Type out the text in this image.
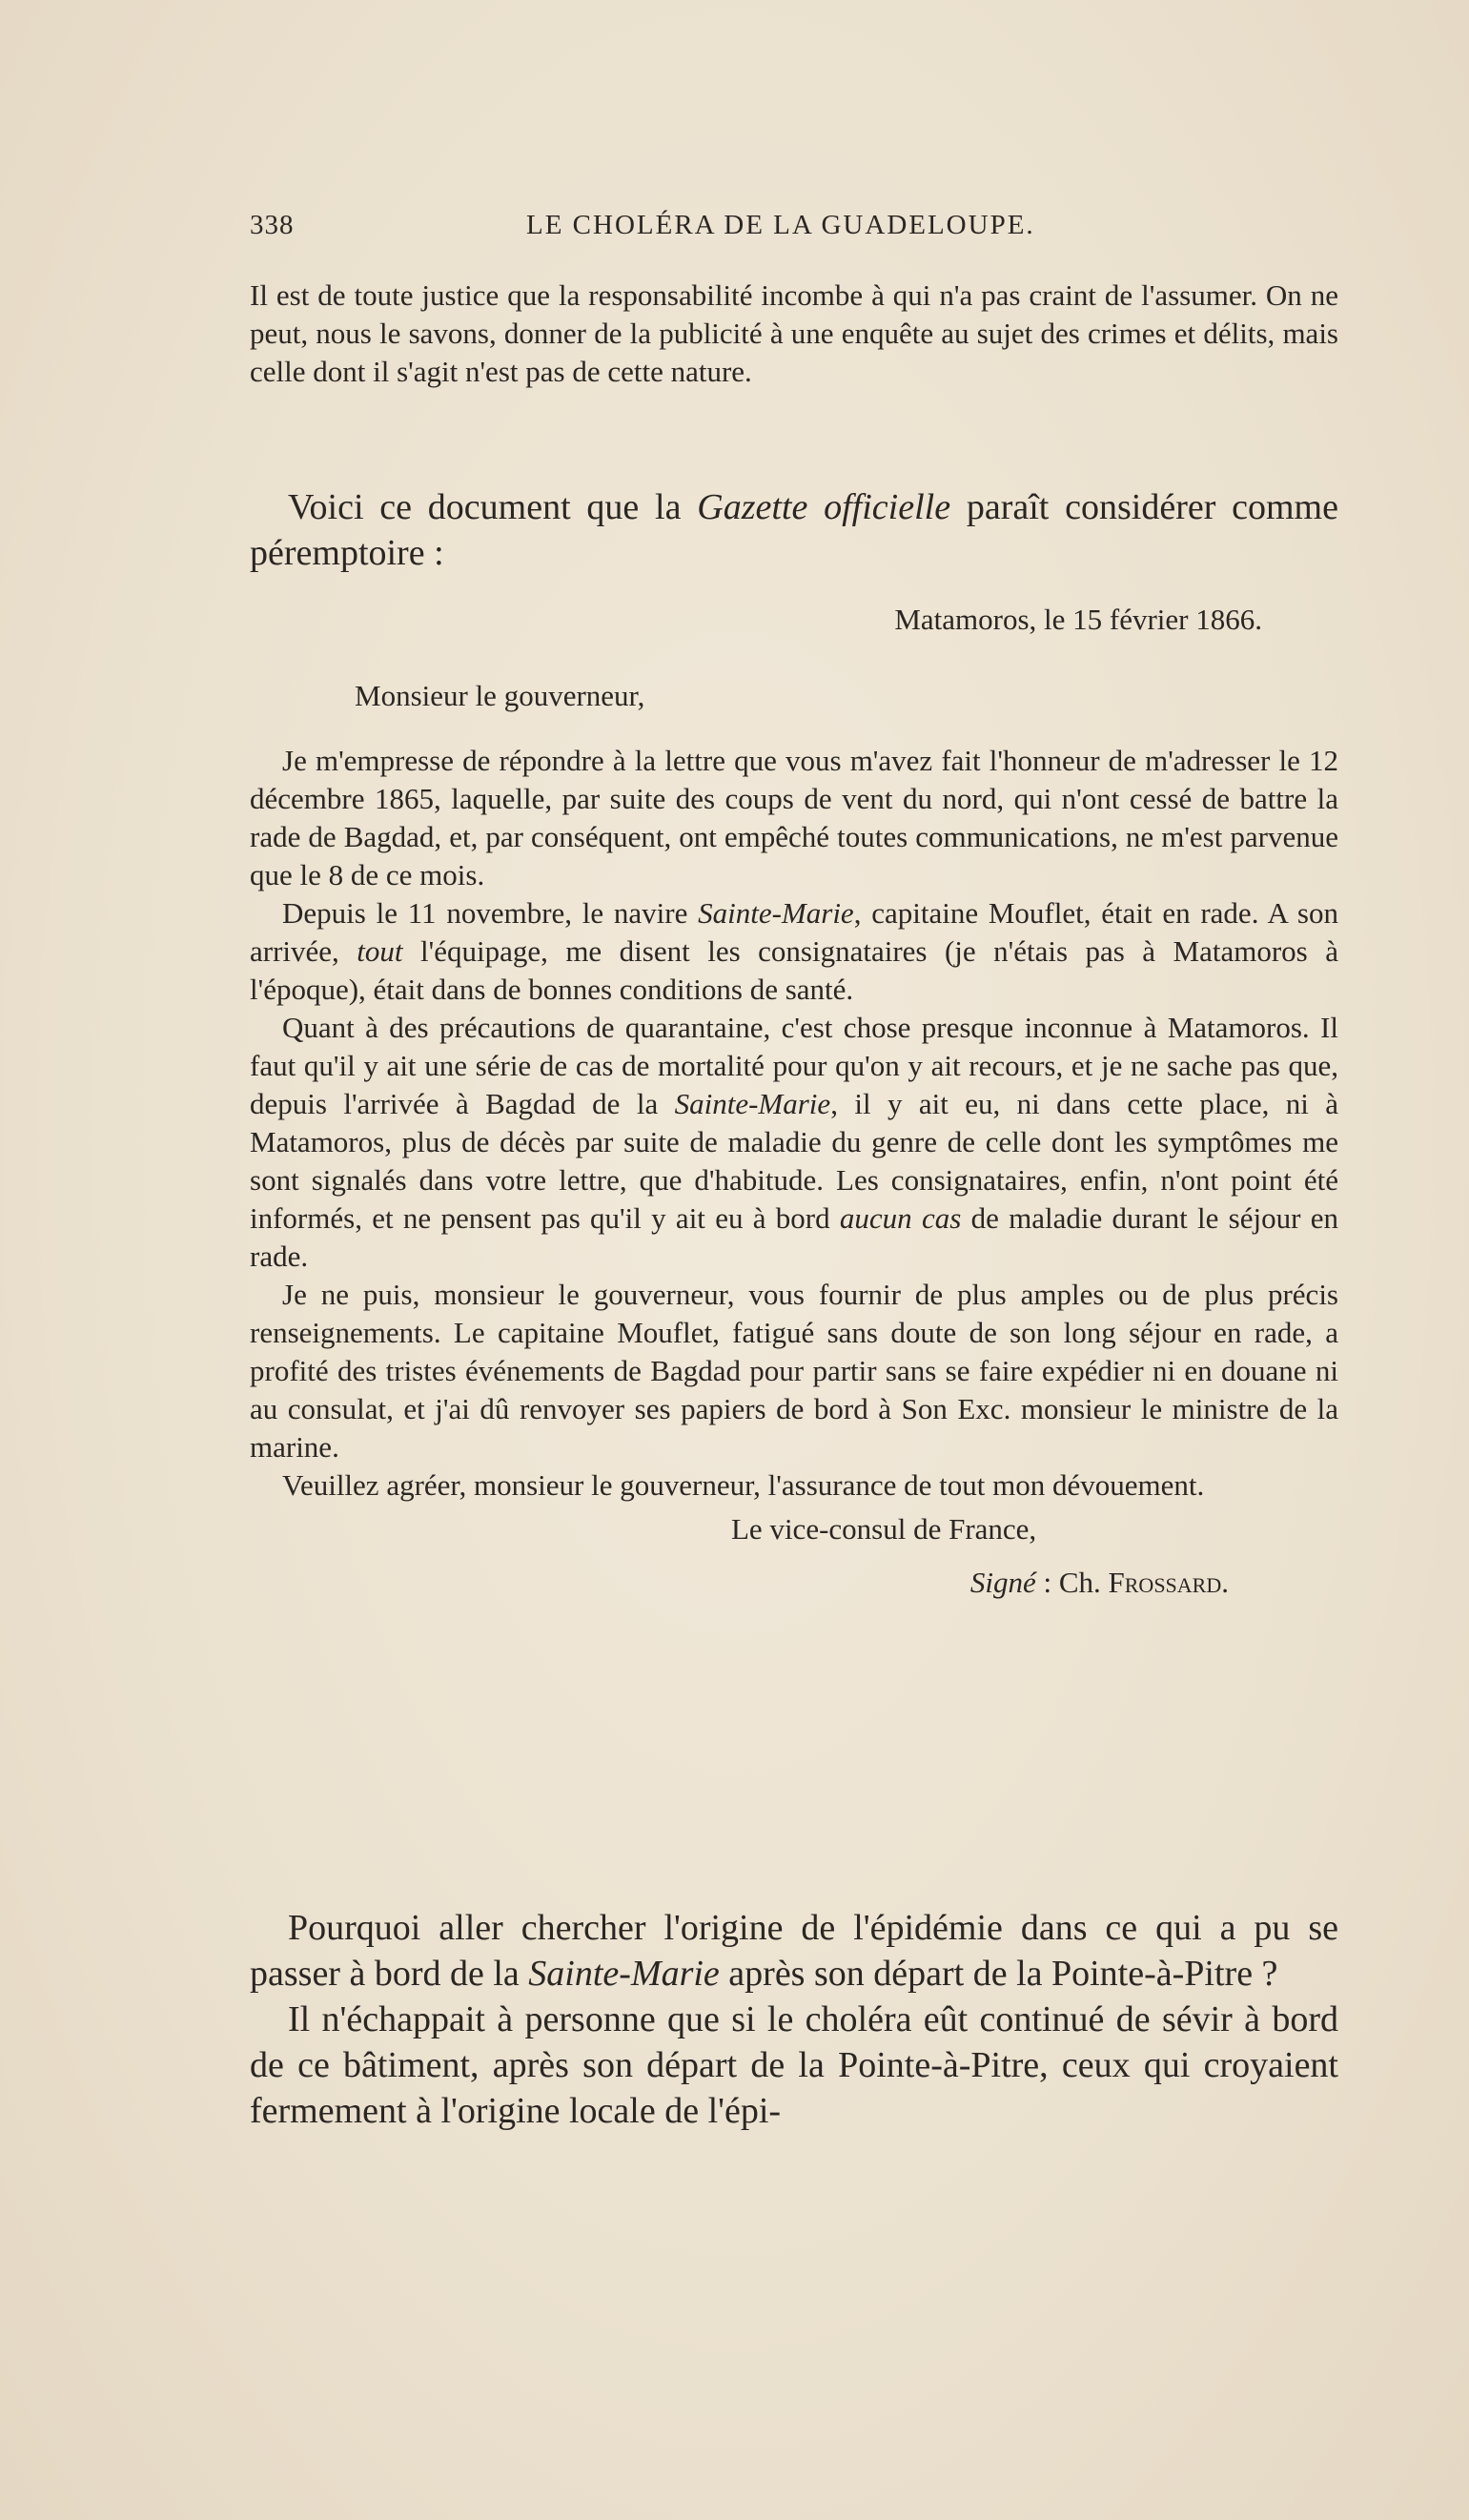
338	LE CHOLÉRA DE LA GUADELOUPE.

Il est de toute justice que la responsabilité incombe à qui n'a pas craint de l'assumer. On ne peut, nous le savons, donner de la publicité à une enquête au sujet des crimes et délits, mais celle dont il s'agit n'est pas de cette nature.

Voici ce document que la Gazette officielle paraît considérer comme péremptoire :

Matamoros, le 15 février 1866.

Monsieur le gouverneur,

Je m'empresse de répondre à la lettre que vous m'avez fait l'honneur de m'adresser le 12 décembre 1865, laquelle, par suite des coups de vent du nord, qui n'ont cessé de battre la rade de Bagdad, et, par conséquent, ont empêché toutes communications, ne m'est parvenue que le 8 de ce mois.

Depuis le 11 novembre, le navire Sainte-Marie, capitaine Mouflet, était en rade. A son arrivée, tout l'équipage, me disent les consignataires (je n'étais pas à Matamoros à l'époque), était dans de bonnes conditions de santé.

Quant à des précautions de quarantaine, c'est chose presque inconnue à Matamoros. Il faut qu'il y ait une série de cas de mortalité pour qu'on y ait recours, et je ne sache pas que, depuis l'arrivée à Bagdad de la Sainte-Marie, il y ait eu, ni dans cette place, ni à Matamoros, plus de décès par suite de maladie du genre de celle dont les symptômes me sont signalés dans votre lettre, que d'habitude. Les consignataires, enfin, n'ont point été informés, et ne pensent pas qu'il y ait eu à bord aucun cas de maladie durant le séjour en rade.

Je ne puis, monsieur le gouverneur, vous fournir de plus amples ou de plus précis renseignements. Le capitaine Mouflet, fatigué sans doute de son long séjour en rade, a profité des tristes événements de Bagdad pour partir sans se faire expédier ni en douane ni au consulat, et j'ai dû renvoyer ses papiers de bord à Son Exc. monsieur le ministre de la marine.

Veuillez agréer, monsieur le gouverneur, l'assurance de tout mon dévouement.

Le vice-consul de France,

Signé : Ch. Frossard.

Pourquoi aller chercher l'origine de l'épidémie dans ce qui a pu se passer à bord de la Sainte-Marie après son départ de la Pointe-à-Pitre ?

Il n'échappait à personne que si le choléra eût continué de sévir à bord de ce bâtiment, après son départ de la Pointe-à-Pitre, ceux qui croyaient fermement à l'origine locale de l'épi-
